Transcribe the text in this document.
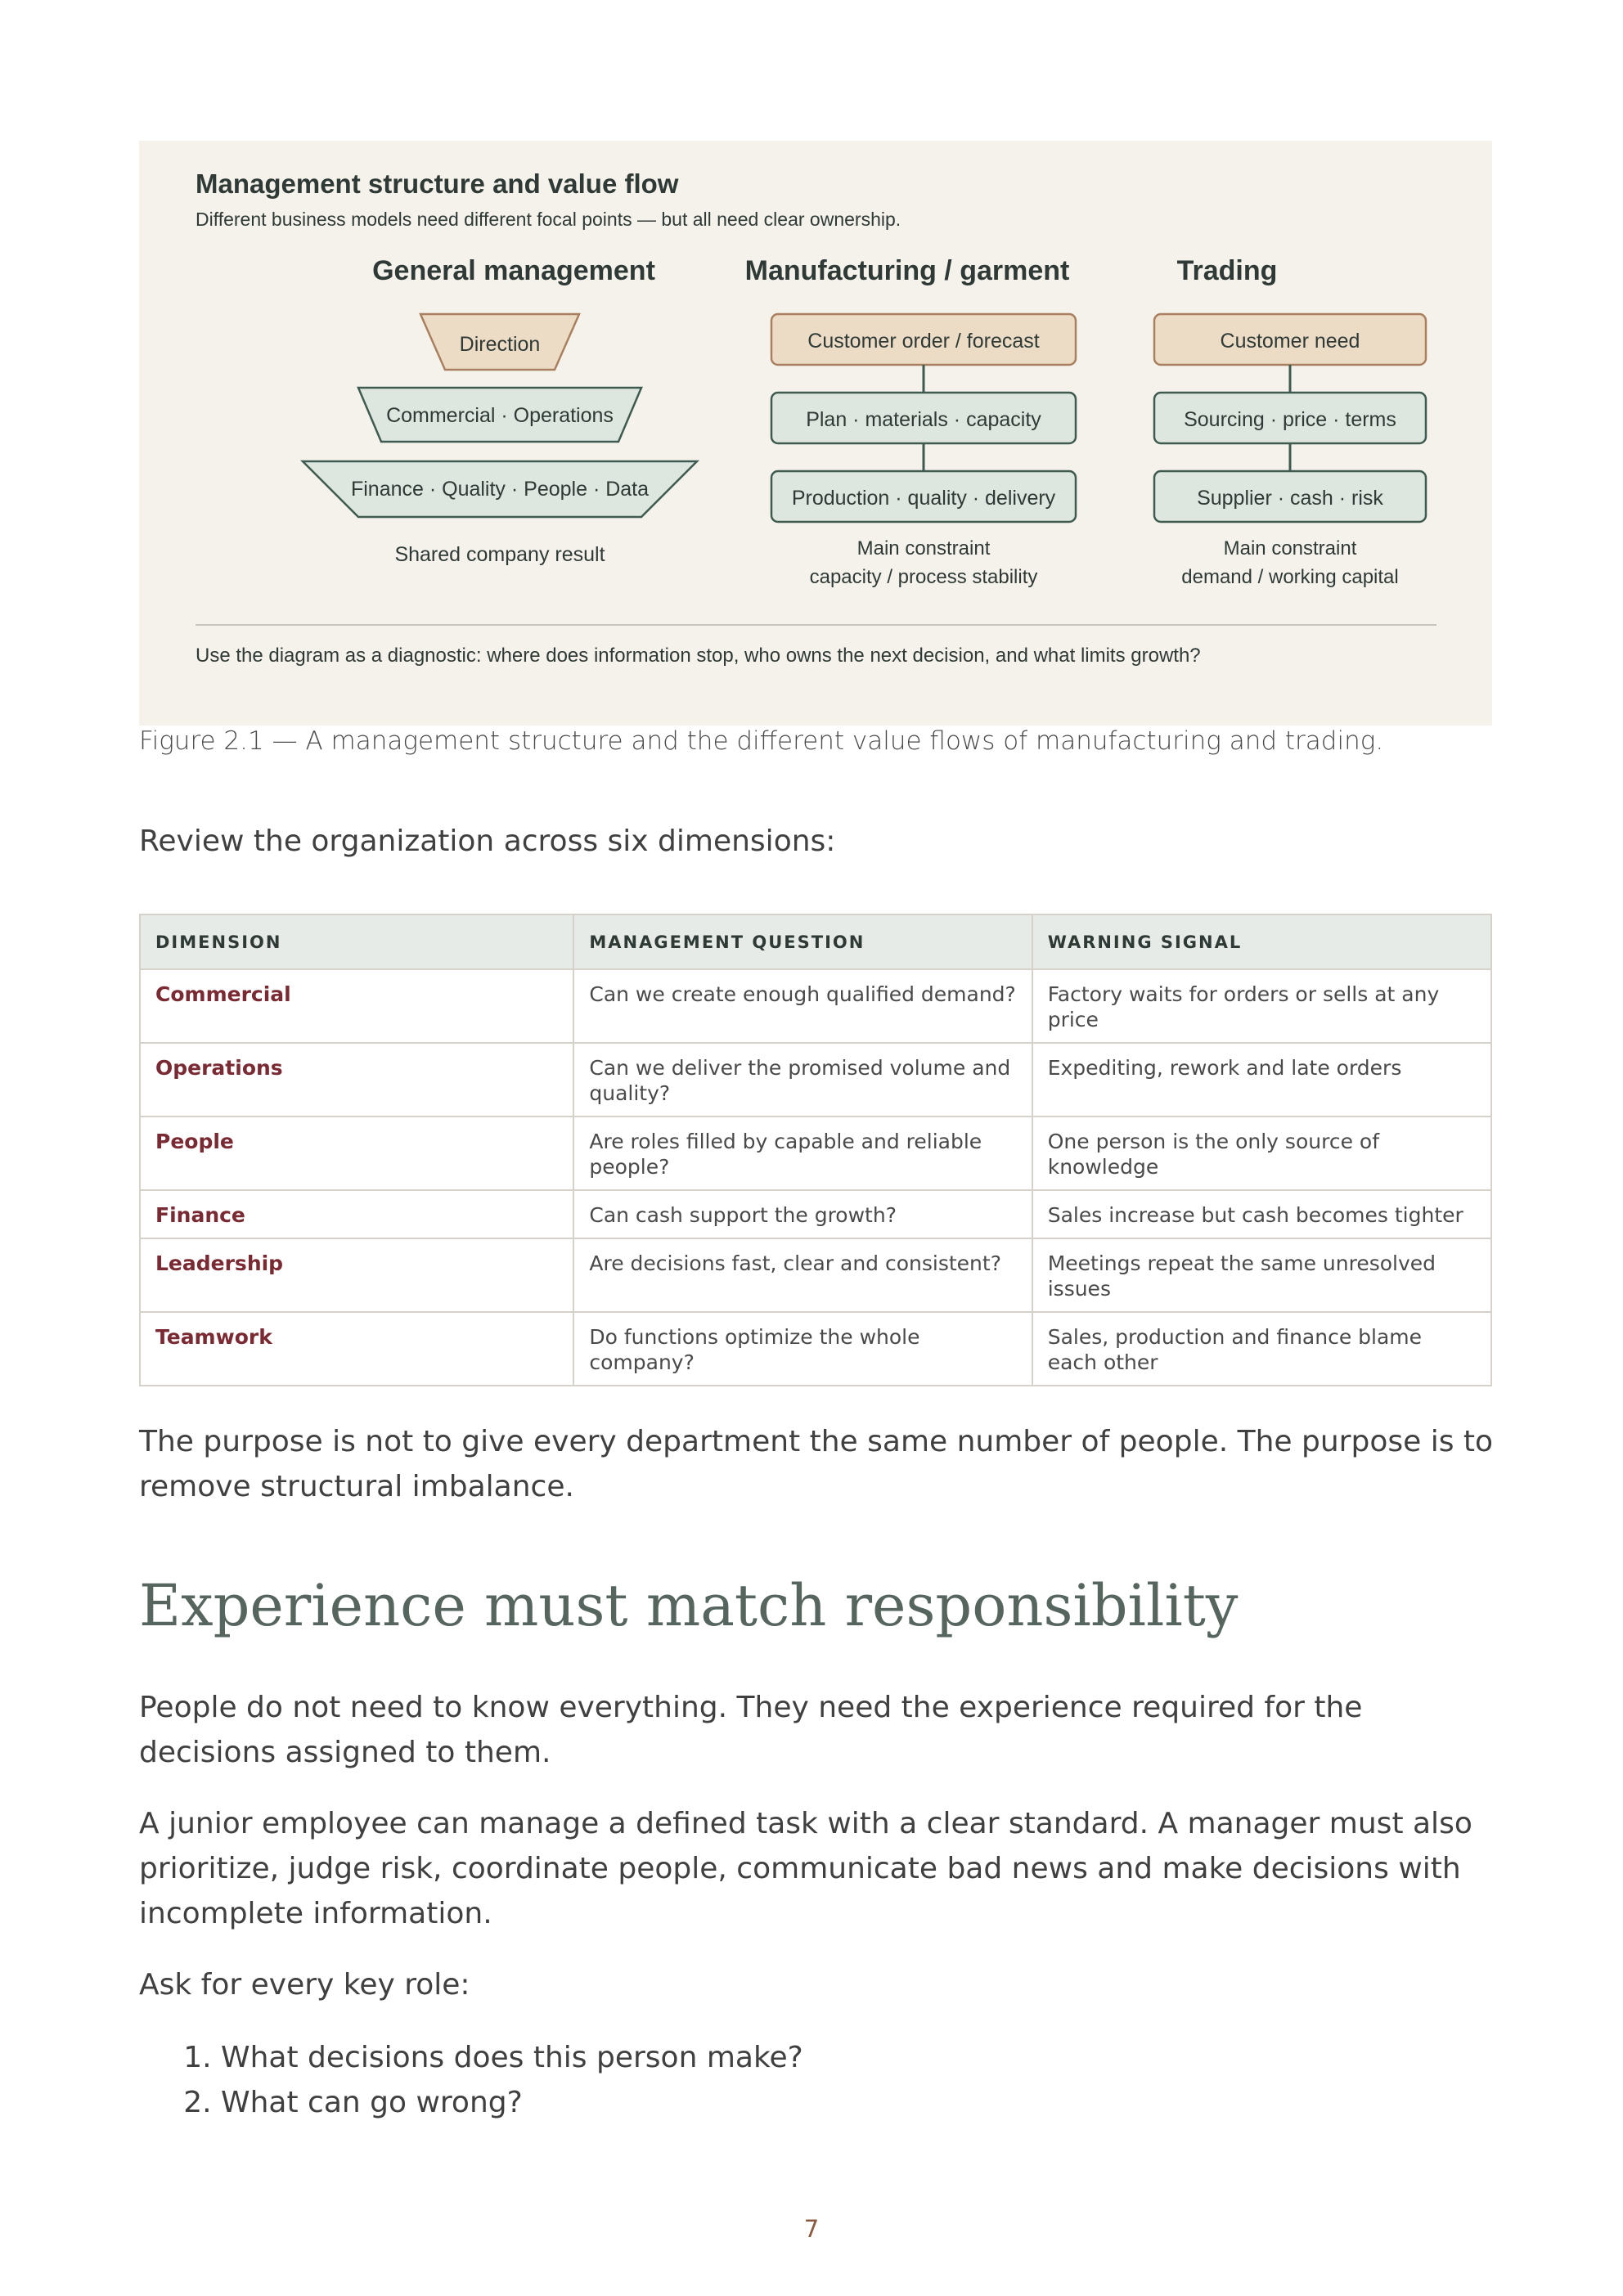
Management structure and value flow
Different business models need different focal points — but all need clear ownership.
General management	Manufacturing / garment	Trading
Direction
Commercial · Operations
Finance · Quality · People · Data
Shared company result
Customer order / forecast
Plan · materials · capacity
Production · quality · delivery
Main constraint
capacity / process stability
Customer need
Sourcing · price · terms
Supplier · cash · risk
Main constraint
demand / working capital
Use the diagram as a diagnostic: where does information stop, who owns the next decision, and what limits growth?
Figure 2.1 — A management structure and the different value flows of manufacturing and trading.
Review the organization across six dimensions:
DIMENSION	MANAGEMENT QUESTION	WARNING SIGNAL
Commercial	Can we create enough qualified demand?	Factory waits for orders or sells at any price
Operations	Can we deliver the promised volume and quality?	Expediting, rework and late orders
People	Are roles filled by capable and reliable people?	One person is the only source of knowledge
Finance	Can cash support the growth?	Sales increase but cash becomes tighter
Leadership	Are decisions fast, clear and consistent?	Meetings repeat the same unresolved issues
Teamwork	Do functions optimize the whole company?	Sales, production and finance blame each other
The purpose is not to give every department the same number of people. The purpose is to remove structural imbalance.
Experience must match responsibility
People do not need to know everything. They need the experience required for the decisions assigned to them.
A junior employee can manage a defined task with a clear standard. A manager must also prioritize, judge risk, coordinate people, communicate bad news and make decisions with incomplete information.
Ask for every key role:
1. What decisions does this person make?
2. What can go wrong?
7
